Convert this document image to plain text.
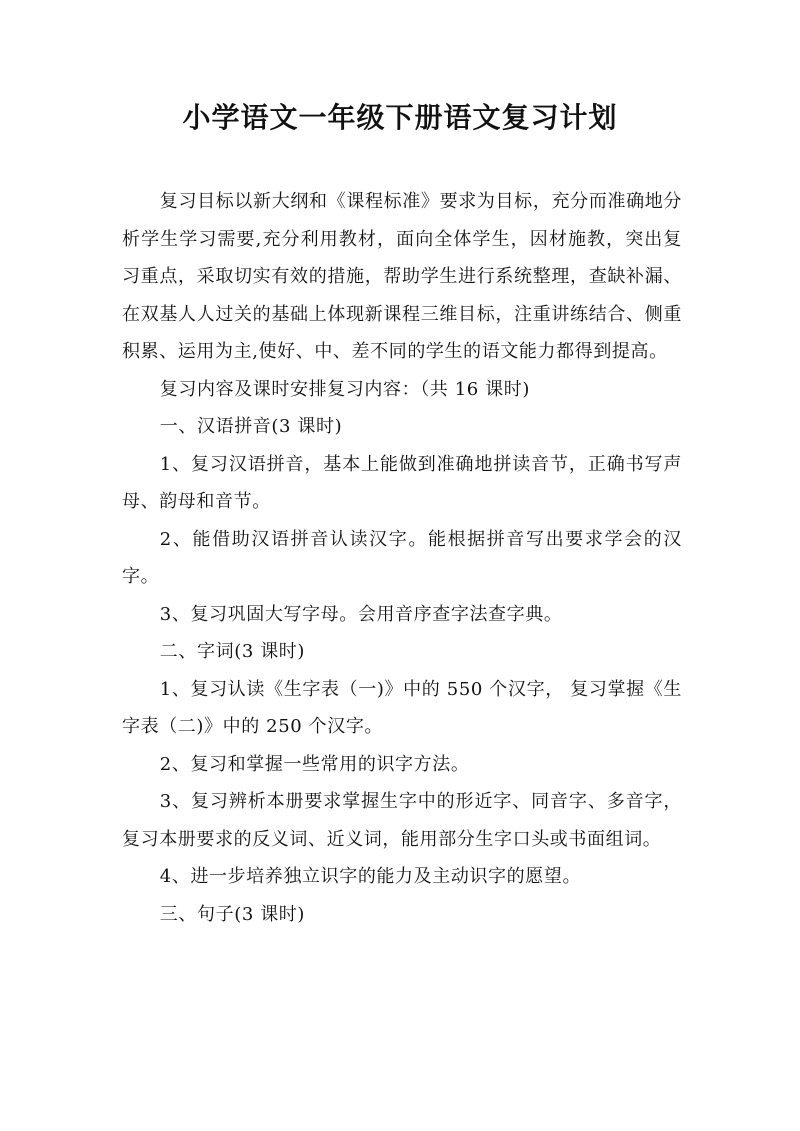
小学语文一年级下册语文复习计划

复习目标以新大纲和《课程标准》要求为目标，充分而准确地分析学生学习需要,充分利用教材，面向全体学生，因材施教，突出复习重点，采取切实有效的措施，帮助学生进行系统整理，查缺补漏、在双基人人过关的基础上体现新课程三维目标，注重讲练结合、侧重积累、运用为主,使好、中、差不同的学生的语文能力都得到提高。

复习内容及课时安排复习内容：（共 16 课时)

一、汉语拼音(3 课时)

1、复习汉语拼音，基本上能做到准确地拼读音节，正确书写声母、韵母和音节。

2、能借助汉语拼音认读汉字。能根据拼音写出要求学会的汉字。

3、复习巩固大写字母。会用音序查字法查字典。

二、字词(3 课时)

1、复习认读《生字表（一)》中的 550 个汉字， 复习掌握《生字表（二)》中的 250 个汉字。

2、复习和掌握一些常用的识字方法。

3、复习辨析本册要求掌握生字中的形近字、同音字、多音字，复习本册要求的反义词、近义词，能用部分生字口头或书面组词。

4、进一步培养独立识字的能力及主动识字的愿望。

三、句子(3 课时)
